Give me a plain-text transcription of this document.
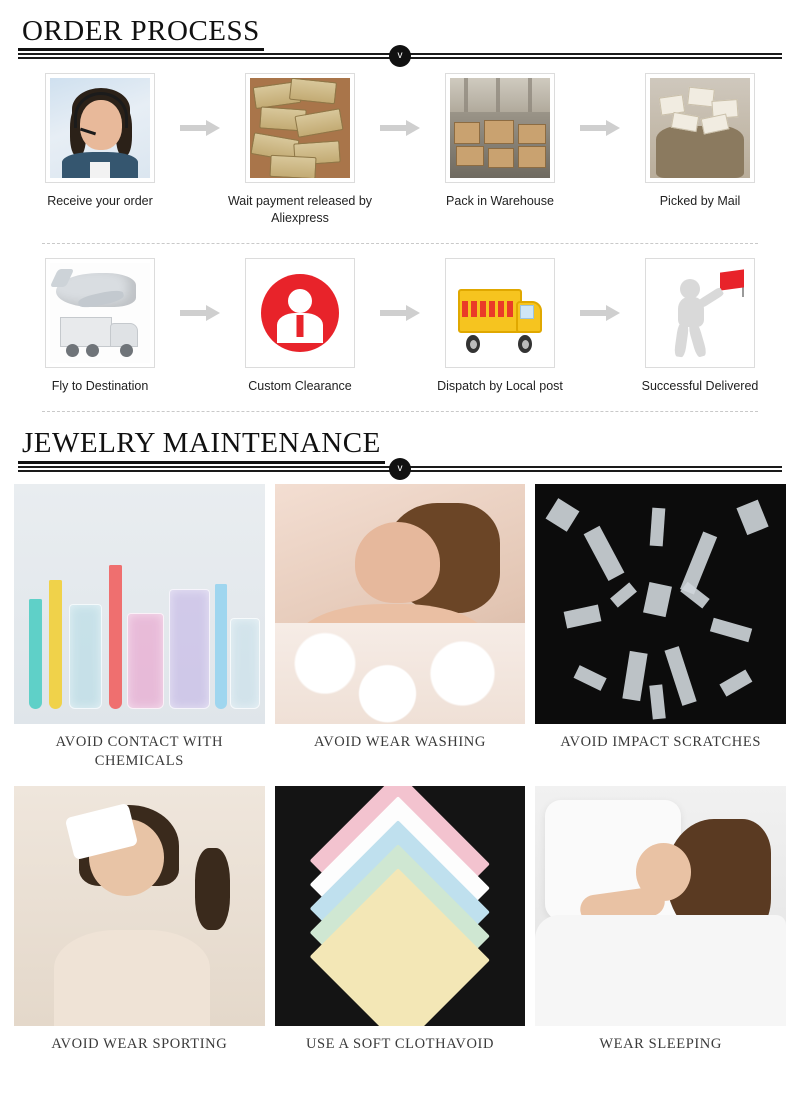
ORDER PROCESS
v
Receive your order	Wait payment released by Aliexpress
Pack in Warehouse	Picked by Mail
Fly to Destination	Custom Clearance	Dispatch by Local post	Successful Delivered
JEWELRY MAINTENANCE
v
AVOID CONTACT WITH CHEMICALS
AVOID WEAR WASHING	AVOID IMPACT SCRATCHES
AVOID WEAR SPORTING	USE A SOFT CLOTHAVOID	WEAR SLEEPING
